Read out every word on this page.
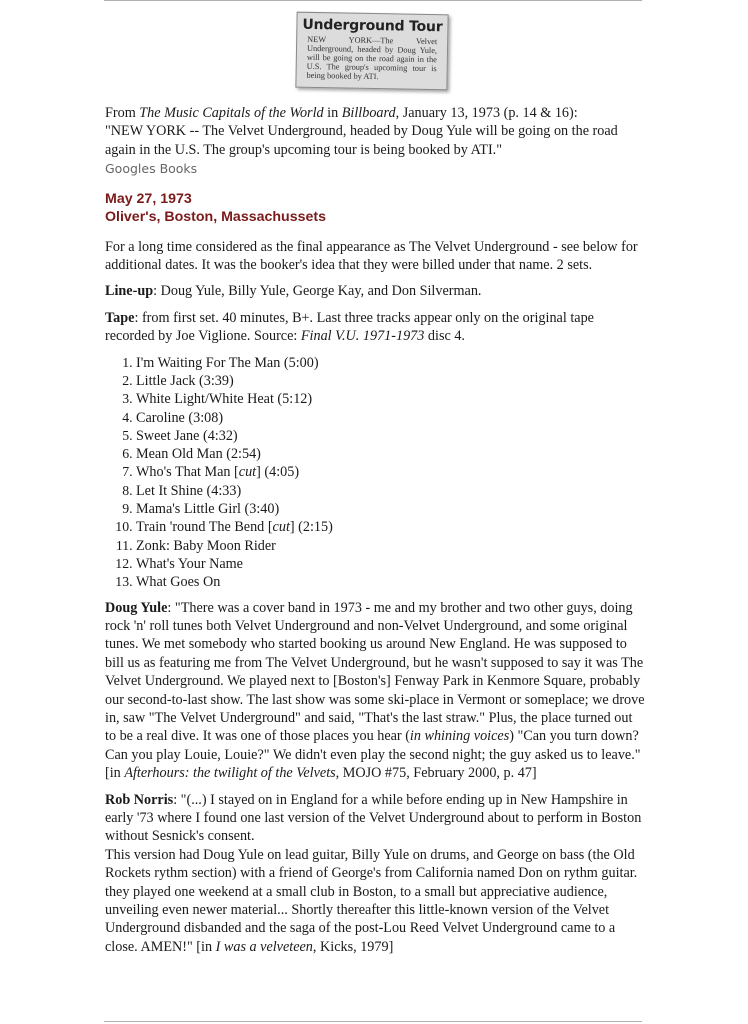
Underground Tour
NEW YORK—The Velvet Underground, headed by Doug Yule, will be going on the road again in the U.S. The group's upcoming tour is being booked by ATI.

From The Music Capitals of the World in Billboard, January 13, 1973 (p. 14 & 16):
"NEW YORK -- The Velvet Underground, headed by Doug Yule will be going on the road again in the U.S. The group's upcoming tour is being booked by ATI."

Googles Books
May 27, 1973
Oliver's, Boston, Massachussets

For a long time considered as the final appearance as The Velvet Underground - see below for additional dates. It was the booker's idea that they were billed under that name. 2 sets.

Line-up: Doug Yule, Billy Yule, George Kay, and Don Silverman.

Tape: from first set. 40 minutes, B+. Last three tracks appear only on the original tape recorded by Joe Viglione. Source: Final V.U. 1971-1973 disc 4.

1. I'm Waiting For The Man (5:00)
2. Little Jack (3:39)
3. White Light/White Heat (5:12)
4. Caroline (3:08)
5. Sweet Jane (4:32)
6. Mean Old Man (2:54)
7. Who's That Man [cut] (4:05)
8. Let It Shine (4:33)
9. Mama's Little Girl (3:40)
10. Train 'round The Bend [cut] (2:15)
11. Zonk: Baby Moon Rider
12. What's Your Name
13. What Goes On

Doug Yule: "There was a cover band in 1973 - me and my brother and two other guys, doing rock 'n' roll tunes both Velvet Underground and non-Velvet Underground, and some original tunes. We met somebody who started booking us around New England. He was supposed to bill us as featuring me from The Velvet Underground, but he wasn't supposed to say it was The Velvet Underground. We played next to [Boston's] Fenway Park in Kenmore Square, probably our second-to-last show. The last show was some ski-place in Vermont or someplace; we drove in, saw "The Velvet Underground" and said, "That's the last straw." Plus, the place turned out to be a real dive. It was one of those places you hear (in whining voices) "Can you turn down? Can you play Louie, Louie?" We didn't even play the second night; the guy asked us to leave." [in Afterhours: the twilight of the Velvets, MOJO #75, February 2000, p. 47]

Rob Norris: "(...) I stayed on in England for a while before ending up in New Hampshire in early '73 where I found one last version of the Velvet Underground about to perform in Boston without Sesnick's consent.
This version had Doug Yule on lead guitar, Billy Yule on drums, and George on bass (the Old Rockets rythm section) with a friend of George's from California named Don on rythm guitar. they played one weekend at a small club in Boston, to a small but appreciative audience, unveiling even newer material... Shortly thereafter this little-known version of the Velvet Underground disbanded and the saga of the post-Lou Reed Velvet Underground came to a close. AMEN!" [in I was a velveteen, Kicks, 1979]
